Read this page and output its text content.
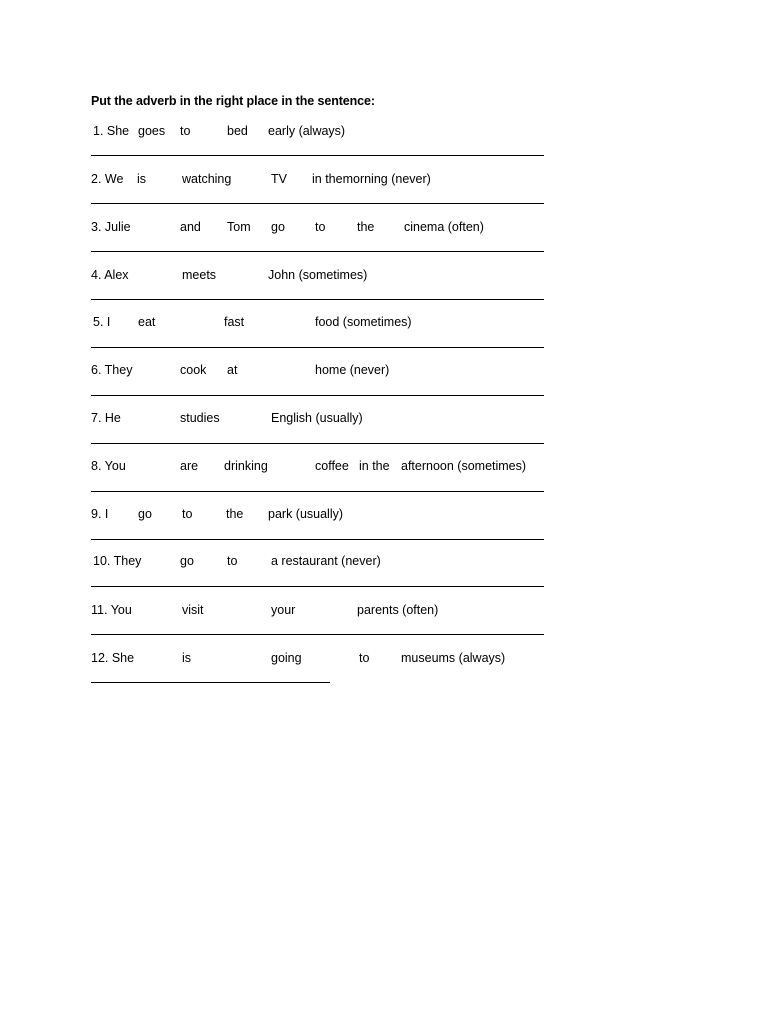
Put the adverb in the right place in the sentence:
1. She goes to	bed early (always)
2. We is	watching	TV in themorning (never)
3. Julie	and Tom go to	the cinema (often)
4. Alex	meets	John (sometimes)
5. I eat	fast	food (sometimes)
6. They	cook at	home (never)
7. He	studies	English (usually)
8. You	are drinking	coffee in the afternoon (sometimes)
9. I go to	the park (usually)
10. They	go	to	a restaurant (never)
11. You	visit	your	parents (often)
12. She	is	going	to	museums (always)
